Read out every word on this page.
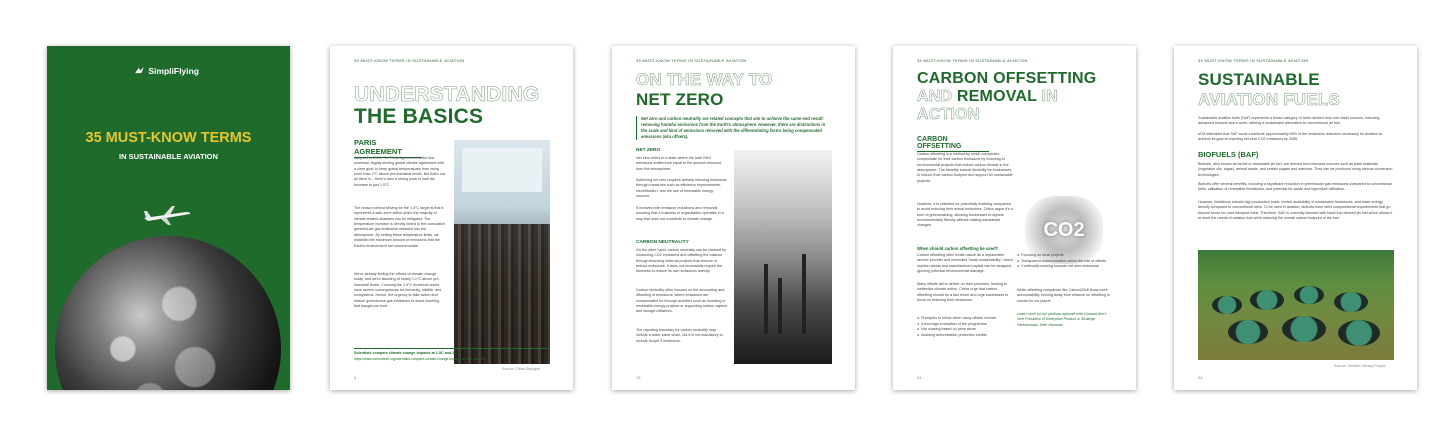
SimpliFlying
35 MUST-KNOW TERMS
IN SUSTAINABLE AVIATION
35 MUST-KNOW TERMS IN SUSTAINABLE AVIATION
UNDERSTANDING
THE BASICS
PARIS AGREEMENT
Adopted in 2015, The Paris Agreement is the first universal, legally binding global climate agreement with a clear goal: to keep global temperatures from rising more than 2°C above pre-industrial levels. But that's not all there is – there's also a strong push to limit the increase to just 1.5°C.
The reason behind striving for the 1.5°C target is that it represents a safe zone within which the majority of climate-related disasters can be mitigated. The temperature increase is directly linked to the cumulative greenhouse gas emissions released into the atmosphere. By setting these temperature limits, we establish the maximum amount of emissions that the Earth's environment can accommodate.
We're already feeling the effects of climate change today, and we're standing at nearly 1.1°C above pre-industrial levels. Crossing the 1.5°C threshold would have severe consequences for humanity, wildlife, and ecosystems. Hence, the urgency to take action and reduce greenhouse gas emissions to avoid reaching that dangerous level.
Source: China Dialogue
Scientists compare climate change impacts at 1.5C and 2C
https://www.carbonbrief.org/scientists-compare-climate-change-impacts-at-1-5c-and-2c/
6
35 MUST-KNOW TERMS IN SUSTAINABLE AVIATION
ON THE WAY TO
NET ZERO
Net zero and carbon neutrality are related concepts that aim to achieve the same end result: removing harmful emissions from the Earth's atmosphere. However, there are distinctions in the scale and kind of emissions removed with the differentiating factor being compensated emissions (aka offsets).
NET ZERO
Net zero refers to a state where the total GHG emissions emitted are equal to the amount removed from the atmosphere.
Achieving net zero requires actively reducing emissions through measures such as efficiency improvements, electrification, and the use of renewable energy sources.
It involves both emission reductions and removals, ensuring that a business or organisation operates in a way that does not contribute to climate change.
CARBON NEUTRALITY
On the other hand, carbon neutrality can be claimed by measuring CO2 emissions and offsetting the balance through financing external projects that remove or reduce emissions. It does not necessarily require the business to reduce its own emissions directly.
Carbon neutrality often focuses on the accounting and offsetting of emissions, where emissions are compensated for through activities such as investing in renewable energy projects or supporting carbon capture and storage initiatives.
The reporting boundary for carbon neutrality may include a wider value chain, but it is not mandatory to include Scope 3 emissions.
18
35 MUST-KNOW TERMS IN SUSTAINABLE AVIATION
CARBON OFFSETTING
AND REMOVAL IN
ACTION
CARBON OFFSETTING
Carbon offsetting is a method by which companies compensate for their carbon emissions by investing in environmental projects that reduce carbon dioxide in the atmosphere. The benefits include flexibility for businesses to reduce their carbon footprint and support for sustainable projects.
However, it is criticised for potentially enabling companies to avoid reducing their actual emissions. Critics argue it's a form of greenwashing, allowing businesses to appear environmentally friendly without making substantial changes.	CO2
When should carbon offsetting be used?
Carbon offsetting often treats nature as a replaceable service provider and embodies "weak sustainability," which implies natural and manufactured capital can be swapped, ignoring potential environmental damage.
Many offsets fail to deliver on their promises, leading to ineffective climate action. Critics urge that carbon offsetting should be a last resort and urge businesses to focus on reducing their emissions.
● Principles to follow when using offsets include:
● A thorough evaluation of the programme
● Not chasing based on price alone
● Avoiding deforestation protection credits
● Focusing on local projects
● Transparent communication about the role of offsets
● Continually working towards net zero emissions.
While offsetting companies like CarbonClick show more accountability, moving away from reliance on offsetting is crucial for our planet.
Learn more on our podcast episode with CarbonClick's Vice President of Enterprise Product & Strategic Partnerships, Seth Horowitz
24
35 MUST-KNOW TERMS IN SUSTAINABLE AVIATION
SUSTAINABLE
AVIATION FUELS
Sustainable aviation fuels (SAF) represents a broad category of fuels derived from non-fossil sources, including advanced biofuels and e-fuels, offering a sustainable alternative to conventional jet fuel.
IATA estimates that SAF could contribute approximately 65% of the emissions reduction necessary for aviation to achieve its goal of reaching net zero CO2 emissions by 2050.
BIOFUELS (BAF)
Biofuels, also known as bioJet or renewable jet fuel, are derived from biomass sources such as plant materials (vegetable oils, algae), animal waste, and certain sugars and starches. They can be produced using various conversion technologies.
Biofuels offer several benefits, including a significant reduction in greenhouse gas emissions compared to conventional fuels, utilisation of renewable feedstocks, and potential for waste and byproduct utilisation.
However, limitations include high production costs, limited availability of sustainable feedstocks, and lower energy density compared to conventional fuels. To be used in aviation, biofuels have strict compositional requirements that go beyond those for road transport fuels. Therefore, BAF is currently blended with fossil fuel-derived jet fuel which allows it to meet the needs of aviation fuel while reducing the overall carbon footprint of the fuel.
Source: Genetic Literacy Project
34
